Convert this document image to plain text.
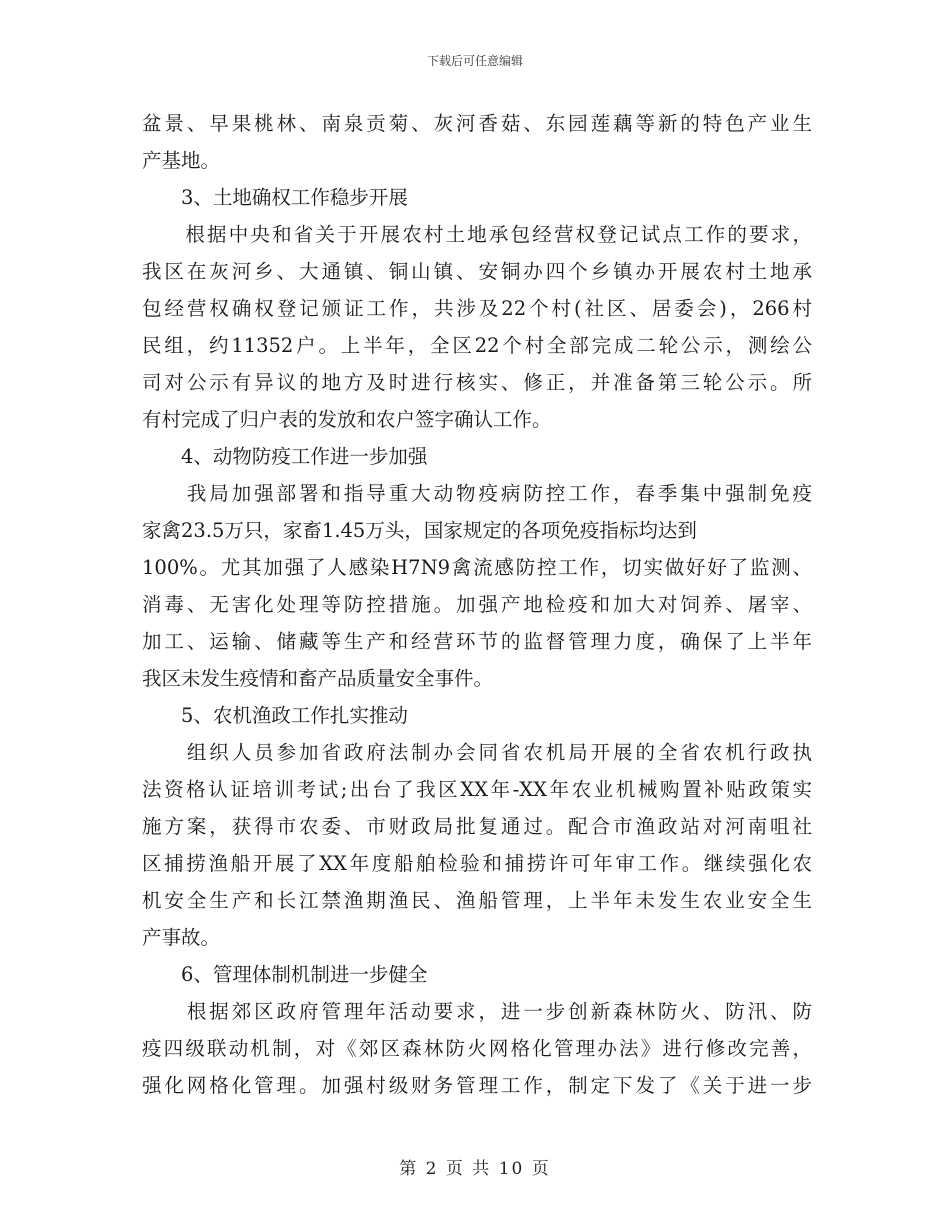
下载后可任意编辑
盆景、早果桃林、南泉贡菊、灰河香菇、东园莲藕等新的特色产业生
产基地。
　　3、土地确权工作稳步开展
　　根据中央和省关于开展农村土地承包经营权登记试点工作的要求，
我区在灰河乡、大通镇、铜山镇、安铜办四个乡镇办开展农村土地承
包经营权确权登记颁证工作，共涉及22个村(社区、居委会)，266村
民组，约11352户。上半年，全区22个村全部完成二轮公示，测绘公
司对公示有异议的地方及时进行核实、修正，并准备第三轮公示。所
有村完成了归户表的发放和农户签字确认工作。
　　4、动物防疫工作进一步加强
　　我局加强部署和指导重大动物疫病防控工作，春季集中强制免疫
家禽23.5万只，家畜1.45万头，国家规定的各项免疫指标均达到
100%。尤其加强了人感染H7N9禽流感防控工作，切实做好好了监测、
消毒、无害化处理等防控措施。加强产地检疫和加大对饲养、屠宰、
加工、运输、储藏等生产和经营环节的监督管理力度，确保了上半年
我区未发生疫情和畜产品质量安全事件。
　　5、农机渔政工作扎实推动
　　组织人员参加省政府法制办会同省农机局开展的全省农机行政执
法资格认证培训考试;出台了我区XX年-XX年农业机械购置补贴政策实
施方案，获得市农委、市财政局批复通过。配合市渔政站对河南咀社
区捕捞渔船开展了XX年度船舶检验和捕捞许可年审工作。继续强化农
机安全生产和长江禁渔期渔民、渔船管理，上半年未发生农业安全生
产事故。
　　6、管理体制机制进一步健全
　　根据郊区政府管理年活动要求，进一步创新森林防火、防汛、防
疫四级联动机制，对《郊区森林防火网格化管理办法》进行修改完善，
强化网格化管理。加强村级财务管理工作，制定下发了《关于进一步
第 2 页 共 10 页
